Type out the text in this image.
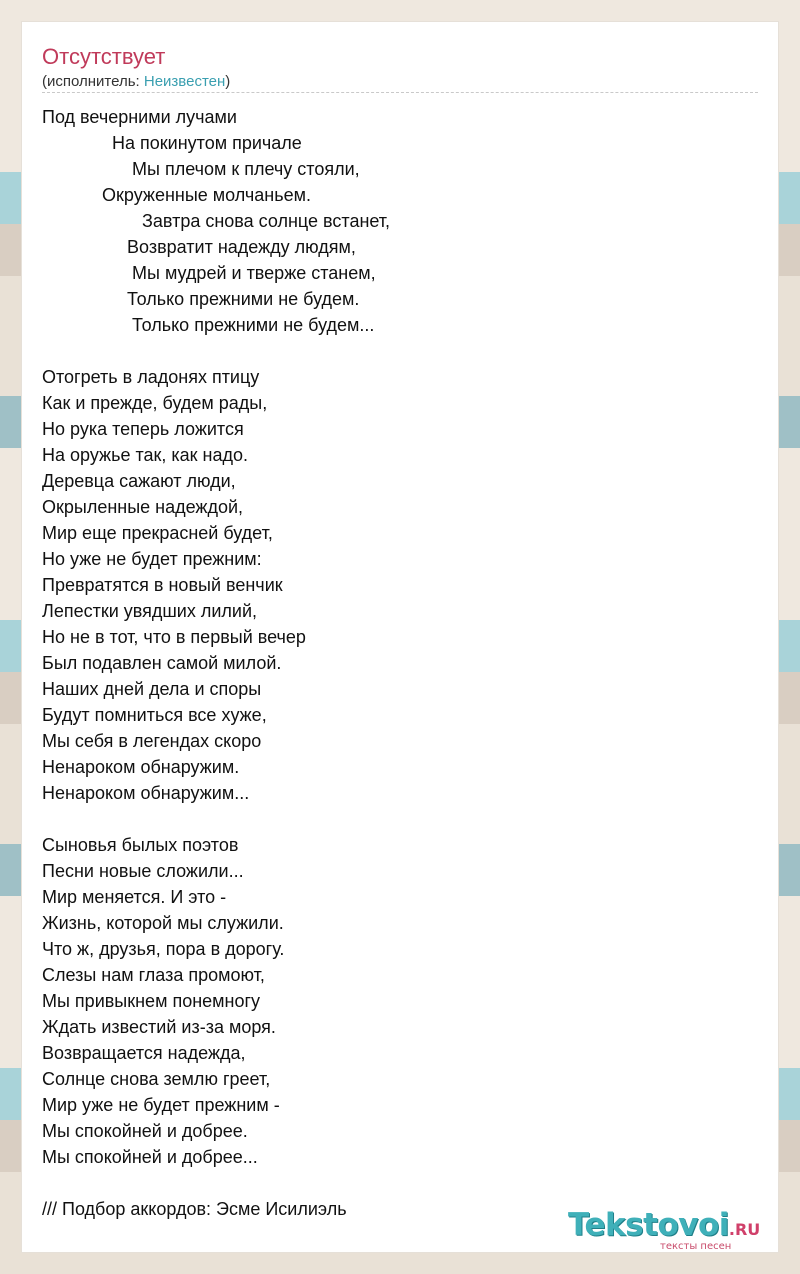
Отсутствует
(исполнитель: Неизвестен)
Под вечерними лучами
На покинутом причале
Мы плечом к плечу стояли,
Окруженные молчаньем.
Завтра снова солнце встанет,
Возвратит надежду людям,
Мы мудрей и тверже станем,
Только прежними не будем.
Только прежними не будем...

Отогреть в ладонях птицу
Как и прежде, будем рады,
Но рука теперь ложится
На оружье так, как надо.
Деревца сажают люди,
Окрыленные надеждой,
Мир еще прекрасней будет,
Но уже не будет прежним:
Превратятся в новый венчик
Лепестки увядших лилий,
Но не в тот, что в первый вечер
Был подавлен самой милой.
Наших дней дела и споры
Будут помниться все хуже,
Мы себя в легендах скоро
Ненароком обнаружим.
Ненароком обнаружим...

Сыновья былых поэтов
Песни новые сложили...
Мир меняется. И это -
Жизнь, которой мы служили.
Что ж, друзья, пора в дорогу.
Слезы нам глаза промоют,
Мы привыкнем понемногу
Ждать известий из-за моря.
Возвращается надежда,
Солнце снова землю греет,
Мир уже не будет прежним -
Мы спокойней и добрее.
Мы спокойней и добрее...

/// Подбор аккордов: Эсме Исилиэль	Tekstovoi.RU
тексты песен
